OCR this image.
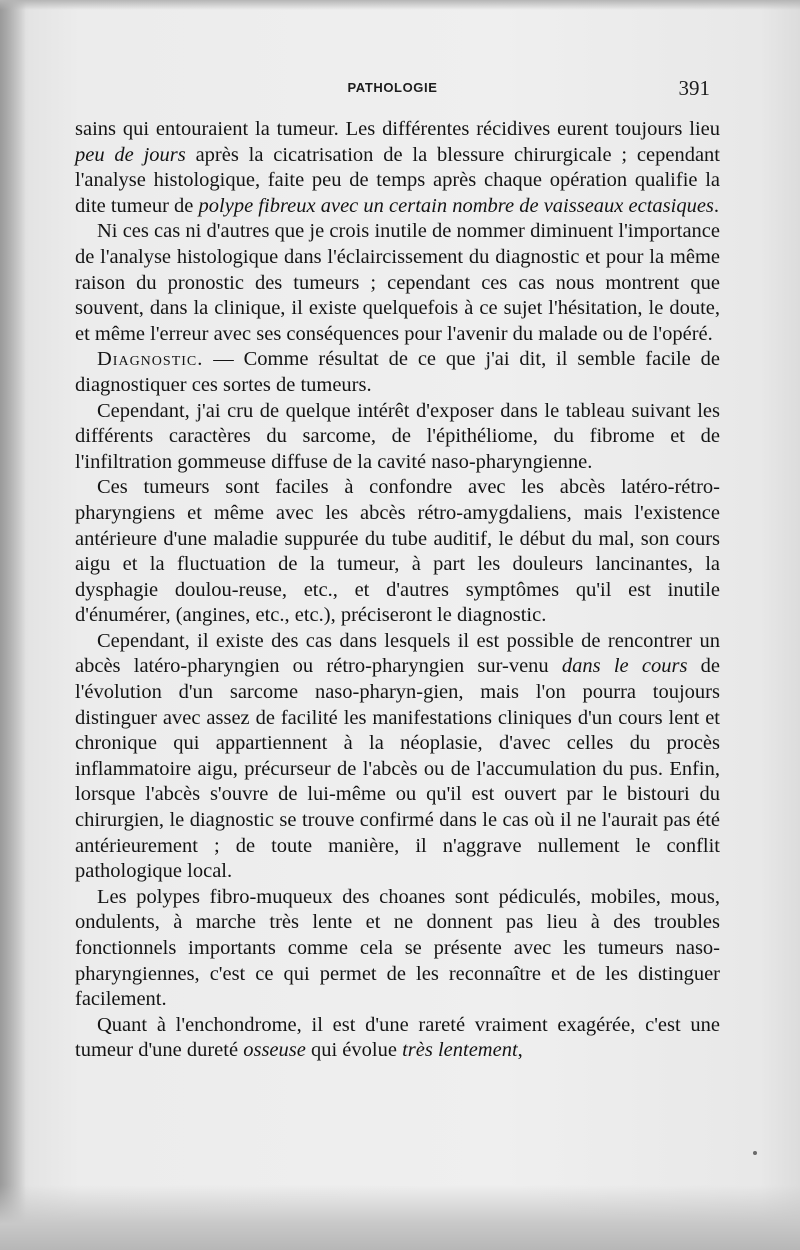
PATHOLOGIE	391

sains qui entouraient la tumeur. Les différentes récidives eurent toujours lieu peu de jours après la cicatrisation de la blessure chirurgicale ; cependant l'analyse histologique, faite peu de temps après chaque opération qualifie la dite tumeur de polype fibreux avec un certain nombre de vaisseaux ectasiques.

Ni ces cas ni d'autres que je crois inutile de nommer diminuent l'importance de l'analyse histologique dans l'éclaircissement du diagnostic et pour la même raison du pronostic des tumeurs ; cependant ces cas nous montrent que souvent, dans la clinique, il existe quelquefois à ce sujet l'hésitation, le doute, et même l'erreur avec ses conséquences pour l'avenir du malade ou de l'opéré.

Diagnostic. — Comme résultat de ce que j'ai dit, il semble facile de diagnostiquer ces sortes de tumeurs.

Cependant, j'ai cru de quelque intérêt d'exposer dans le tableau suivant les différents caractères du sarcome, de l'épithéliome, du fibrome et de l'infiltration gommeuse diffuse de la cavité naso-pharyngienne.

Ces tumeurs sont faciles à confondre avec les abcès latéro-rétro-pharyngiens et même avec les abcès rétro-amygdaliens, mais l'existence antérieure d'une maladie suppurée du tube auditif, le début du mal, son cours aigu et la fluctuation de la tumeur, à part les douleurs lancinantes, la dysphagie doulou-reuse, etc., et d'autres symptômes qu'il est inutile d'énumérer, (angines, etc., etc.), préciseront le diagnostic.

Cependant, il existe des cas dans lesquels il est possible de rencontrer un abcès latéro-pharyngien ou rétro-pharyngien sur-venu dans le cours de l'évolution d'un sarcome naso-pharyn-gien, mais l'on pourra toujours distinguer avec assez de facilité les manifestations cliniques d'un cours lent et chronique qui appartiennent à la néoplasie, d'avec celles du procès inflammatoire aigu, précurseur de l'abcès ou de l'accumulation du pus. Enfin, lorsque l'abcès s'ouvre de lui-même ou qu'il est ouvert par le bistouri du chirurgien, le diagnostic se trouve confirmé dans le cas où il ne l'aurait pas été antérieurement ; de toute manière, il n'aggrave nullement le conflit pathologique local.

Les polypes fibro-muqueux des choanes sont pédiculés, mobiles, mous, ondulents, à marche très lente et ne donnent pas lieu à des troubles fonctionnels importants comme cela se présente avec les tumeurs naso-pharyngiennes, c'est ce qui permet de les reconnaître et de les distinguer facilement.

Quant à l'enchondrome, il est d'une rareté vraiment exagérée, c'est une tumeur d'une dureté osseuse qui évolue très lentement,
